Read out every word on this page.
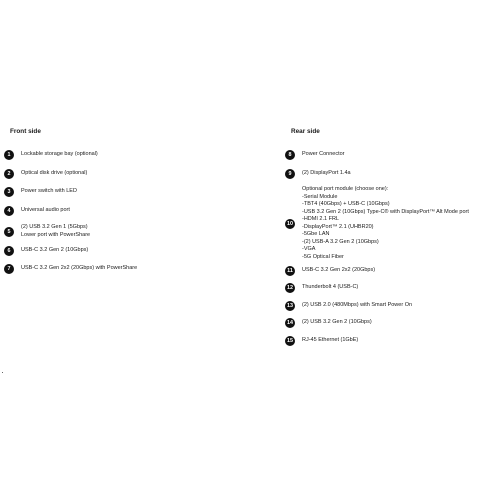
Front side
1	Lockable storage bay (optional)
2	Optical disk drive (optional)
3	Power switch with LED
4	Universal audio port
5
(2) USB 3.2 Gen 1 (5Gbps)
Lower port with PowerShare
6	USB-C 3.2 Gen 2 (10Gbps)
7	USB-C 3.2 Gen 2x2 (20Gbps) with PowerShare
Rear side
8	Power Connector
9	(2) DisplayPort 1.4a
10
Optional port module (choose one):
-Serial Module
-TBT4 (40Gbps) + USB-C (10Gbps)
-USB 3.2 Gen 2 (10Gbps) Type-C® with DisplayPort™ Alt Mode port
-HDMI 2.1 FRL
-DisplayPort™ 2.1 (UHBR20)
-5Gbe LAN
-(2) USB-A 3.2 Gen 2 (10Gbps)
-VGA
-5G Optical Fiber
11	USB-C 3.2 Gen 2x2 (20Gbps)
12	Thunderbolt 4 (USB-C)
13	(2) USB 2.0 (480Mbps) with Smart Power On
14	(2) USB 3.2 Gen 2 (10Gbps)
15	RJ-45 Ethernet (1GbE)
